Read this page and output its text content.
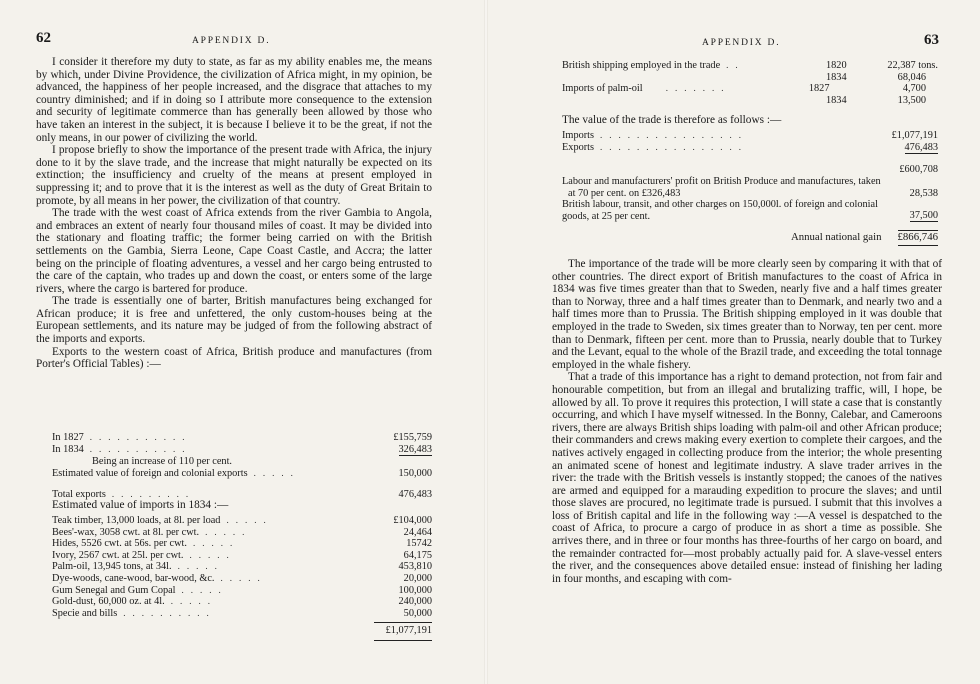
62	APPENDIX D.

I consider it therefore my duty to state, as far as my ability enables me, the means by which, under Divine Providence, the civilization of Africa might, in my opinion, be advanced, the happiness of her people increased, and the disgrace that attaches to my country diminished; and if in doing so I attribute more consequence to the extension and security of legitimate commerce than has generally been allowed by those who have taken an interest in the subject, it is because I believe it to be the great, if not the only means, in our power of civilizing the world.

I propose briefly to show the importance of the present trade with Africa, the injury done to it by the slave trade, and the increase that might naturally be expected on its extinction; the insufficiency and cruelty of the means at present employed in suppressing it; and to prove that it is the interest as well as the duty of Great Britain to promote, by all means in her power, the civilization of that country.

The trade with the west coast of Africa extends from the river Gambia to Angola, and embraces an extent of nearly four thousand miles of coast. It may be divided into the stationary and floating traffic; the former being carried on with the British settlements on the Gambia, Sierra Leone, Cape Coast Castle, and Accra; the latter being on the principle of floating adventures, a vessel and her cargo being entrusted to the care of the captain, who trades up and down the coast, or enters some of the large rivers, where the cargo is bartered for produce.

The trade is essentially one of barter, British manufactures being exchanged for African produce; it is free and unfettered, the only custom-houses being at the European settlements, and its nature may be judged of from the following abstract of the imports and exports.

Exports to the western coast of Africa, British produce and manufactures (from Porter's Official Tables) :—

In 1827 ...........	£155,759
In 1834 ...........	326,483
Being an increase of 110 per cent.
Estimated value of foreign and colonial exports .....	150,000
Total exports .........	476,483

Estimated value of imports in 1834 :—

Teak timber, 13,000 loads, at 8l. per load .....	£104,000
Bees'-wax, 3058 cwt. at 8l. per cwt. .....	24,464
Hides, 5526 cwt. at 56s. per cwt. .....	15742
Ivory, 2567 cwt. at 25l. per cwt. .....	64,175
Palm-oil, 13,945 tons, at 34l. .....	453,810
Dye-woods, cane-wood, bar-wood, &c. .....	20,000
Gum Senegal and Gum Copal .....	100,000
Gold-dust, 60,000 oz. at 4l. .....	240,000
Specie and bills ..........	50,000
£1,077,191
APPENDIX D.	63
British shipping employed in the trade ..	1820	22,387 tons.
1834	68,046
Imports of palm-oil	.......	1827	4,700
1834	13,500

The value of the trade is therefore as follows :—

Imports ................	£1,077,191
Exports ................	476,483
£600,708
Labour and manufacturers' profit on British Produce and manufactures, taken at 70 per cent. on £326,483	28,538
British labour, transit, and other charges on 150,000l. of foreign and colonial goods, at 25 per cent.	37,500
Annual national gain £866,746

The importance of the trade will be more clearly seen by comparing it with that of other countries. The direct export of British manufactures to the coast of Africa in 1834 was five times greater than that to Sweden, nearly five and a half times greater than to Norway, three and a half times greater than to Denmark, and nearly two and a half times more than to Prussia. The British shipping employed in it was double that employed in the trade to Sweden, six times greater than to Norway, ten per cent. more than to Denmark, fifteen per cent. more than to Prussia, nearly double that to Turkey and the Levant, equal to the whole of the Brazil trade, and exceeding the total tonnage employed in the whale fishery.

That a trade of this importance has a right to demand protection, not from fair and honourable competition, but from an illegal and brutalizing traffic, will, I hope, be allowed by all. To prove it requires this protection, I will state a case that is constantly occurring, and which I have myself witnessed. In the Bonny, Calebar, and Cameroons rivers, there are always British ships loading with palm-oil and other African produce; their commanders and crews making every exertion to complete their cargoes, and the natives actively engaged in collecting produce from the interior; the whole presenting an animated scene of honest and legitimate industry. A slave trader arrives in the river: the trade with the British vessels is instantly stopped; the canoes of the natives are armed and equipped for a marauding expedition to procure the slaves; and until those slaves are procured, no legitimate trade is pursued. I submit that this involves a loss of British capital and life in the following way :—A vessel is despatched to the coast of Africa, to procure a cargo of produce in as short a time as possible. She arrives there, and in three or four months has three-fourths of her cargo on board, and the remainder contracted for—most probably actually paid for. A slave-vessel enters the river, and the consequences above detailed ensue: instead of finishing her lading in four months, and escaping with com-
